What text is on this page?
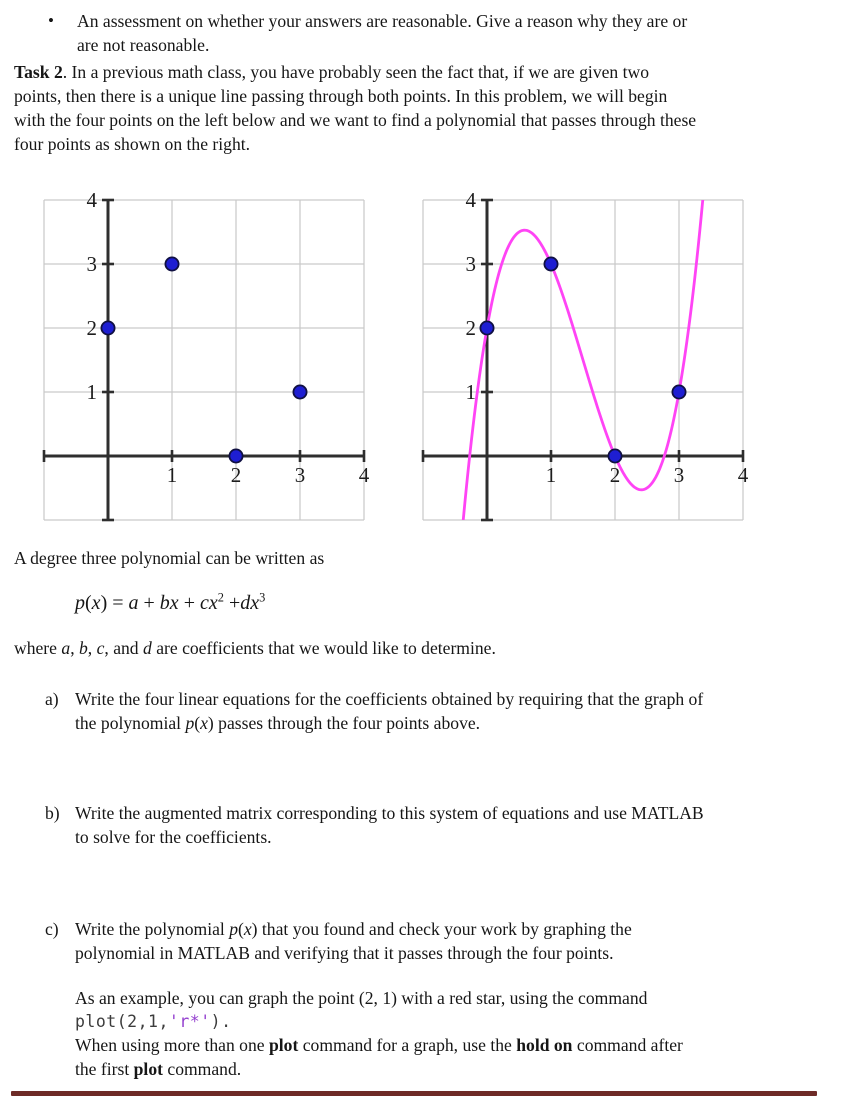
•	An assessment on whether your answers are reasonable. Give a reason why they are or
are not reasonable.

Task 2. In a previous math class, you have probably seen the fact that, if we are given two
points, then there is a unique line passing through both points. In this problem, we will begin
with the four points on the left below and we want to find a polynomial that passes through these
four points as shown on the right.

1	2	3	4
1
2
3
4
1	2	3	4
1
2
3
4

A degree three polynomial can be written as

p(x) = a + bx + $cx^2 +dx^3$

where a, b, c, and d are coefficients that we would like to determine.

a) Write the four linear equations for the coefficients obtained by requiring that the graph of
the polynomial p(x) passes through the four points above.
b) Write the augmented matrix corresponding to this system of equations and use MATLAB
to solve for the coefficients.
c) Write the polynomial p(x) that you found and check your work by graphing the
polynomial in MATLAB and verifying that it passes through the four points.
As an example, you can graph the point (2, 1) with a red star, using the command
plot(2,1,'r*').
When using more than one plot command for a graph, use the hold on command after
the first plot command.
